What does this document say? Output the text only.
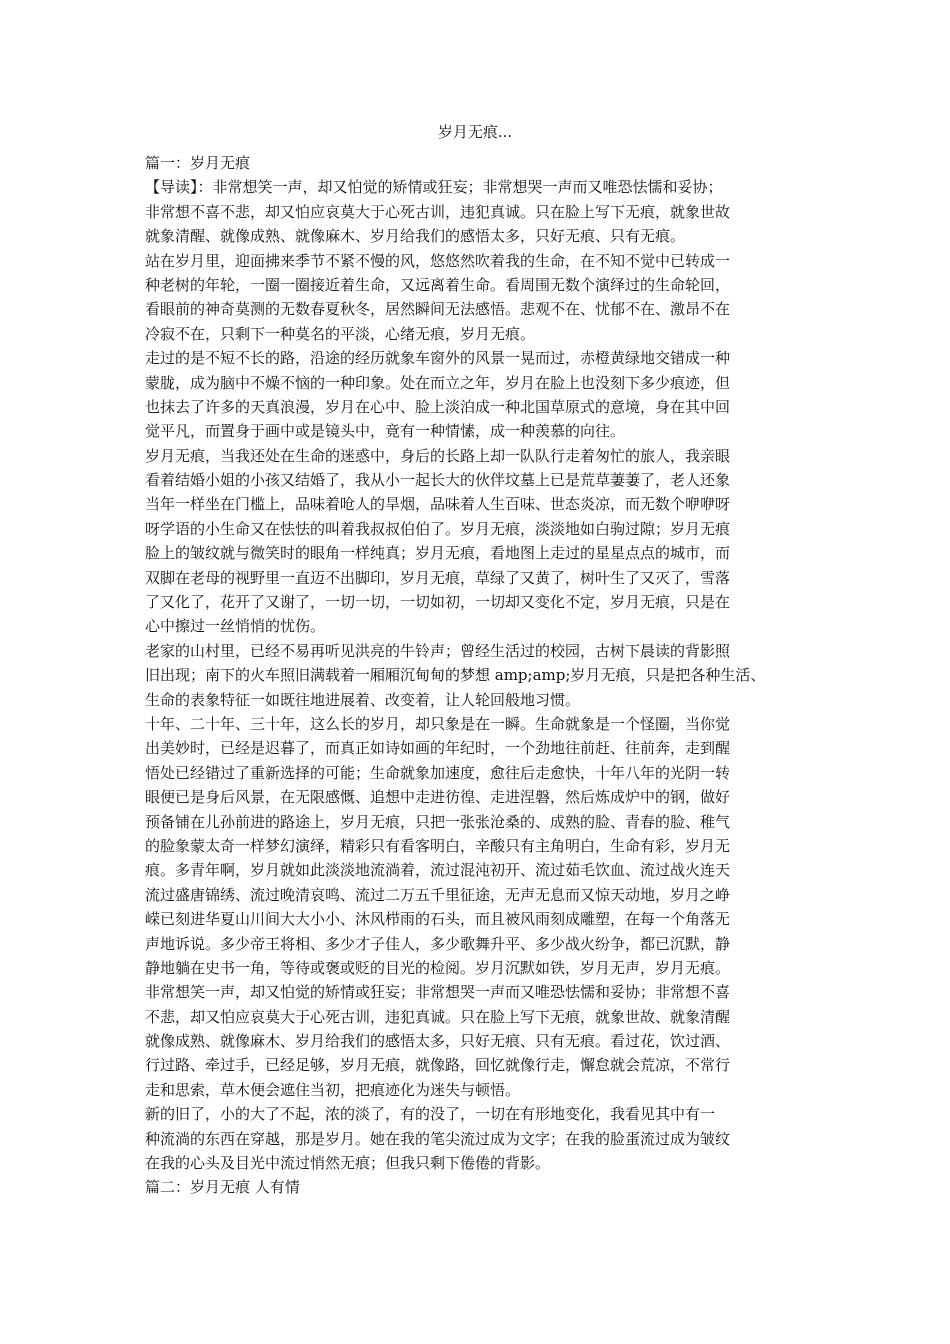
岁月无痕...
篇一：岁月无痕
【导读】：非常想笑一声，却又怕觉的矫情或狂妄；非常想哭一声而又唯恐怯懦和妥协；
非常想不喜不悲，却又怕应哀莫大于心死古训，违犯真诚。只在脸上写下无痕，就象世故
就象清醒、就像成熟、就像麻木、岁月给我们的感悟太多，只好无痕、只有无痕。
站在岁月里，迎面拂来季节不紧不慢的风，悠悠然吹着我的生命，在不知不觉中已转成一
种老树的年轮，一圈一圈接近着生命，又远离着生命。看周围无数个演绎过的生命轮回，
看眼前的神奇莫测的无数春夏秋冬，居然瞬间无法感悟。悲观不在、忧郁不在、激昂不在
冷寂不在，只剩下一种莫名的平淡，心绪无痕，岁月无痕。
走过的是不短不长的路，沿途的经历就象车窗外的风景一晃而过，赤橙黄绿地交错成一种
蒙胧，成为脑中不燥不恼的一种印象。处在而立之年，岁月在脸上也没刻下多少痕迹，但
也抹去了许多的天真浪漫，岁月在心中、脸上淡泊成一种北国草原式的意境，身在其中回
觉平凡，而置身于画中或是镜头中，竟有一种情愫，成一种羡慕的向往。
岁月无痕，当我还处在生命的迷惑中，身后的长路上却一队队行走着匆忙的旅人，我亲眼
看着结婚小姐的小孩又结婚了，我从小一起长大的伙伴坟墓上已是荒草萋萋了，老人还象
当年一样坐在门槛上，品味着呛人的旱烟，品味着人生百味、世态炎凉，而无数个咿咿呀
呀学语的小生命又在怯怯的叫着我叔叔伯伯了。岁月无痕，淡淡地如白驹过隙；岁月无痕
脸上的皱纹就与微笑时的眼角一样纯真；岁月无痕，看地图上走过的星星点点的城市，而
双脚在老母的视野里一直迈不出脚印，岁月无痕，草绿了又黄了，树叶生了又灭了，雪落
了又化了，花开了又谢了，一切一切，一切如初，一切却又变化不定，岁月无痕，只是在
心中擦过一丝悄悄的忧伤。
老家的山村里，已经不易再听见洪亮的牛铃声；曾经生活过的校园，古树下晨读的背影照
旧出现；南下的火车照旧满载着一厢厢沉甸甸的梦想 amp;amp;岁月无痕，只是把各种生活、
生命的表象特征一如既往地进展着、改变着，让人轮回般地习惯。
十年、二十年、三十年，这么长的岁月，却只象是在一瞬。生命就象是一个怪圈，当你觉
出美妙时，已经是迟暮了，而真正如诗如画的年纪时，一个劲地往前赶、往前奔，走到醒
悟处已经错过了重新选择的可能；生命就象加速度，愈往后走愈快，十年八年的光阴一转
眼便已是身后风景，在无限感慨、追想中走进彷徨、走进涅磐，然后炼成炉中的钢，做好
预备铺在儿孙前进的路途上，岁月无痕，只把一张张沧桑的、成熟的脸、青春的脸、稚气
的脸象蒙太奇一样梦幻演绎，精彩只有看客明白，辛酸只有主角明白，生命有彩，岁月无
痕。多青年啊，岁月就如此淡淡地流淌着，流过混沌初开、流过茹毛饮血、流过战火连天
流过盛唐锦绣、流过晚清哀鸣、流过二万五千里征途，无声无息而又惊天动地，岁月之峥
嵘已刻进华夏山川间大大小小、沐风栉雨的石头，而且被风雨刻成雕塑，在每一个角落无
声地诉说。多少帝王将相、多少才子佳人，多少歌舞升平、多少战火纷争，都已沉默，静
静地躺在史书一角，等待或褒或贬的目光的检阅。岁月沉默如铁，岁月无声，岁月无痕。
非常想笑一声，却又怕觉的矫情或狂妄；非常想哭一声而又唯恐怯懦和妥协；非常想不喜
不悲，却又怕应哀莫大于心死古训，违犯真诚。只在脸上写下无痕，就象世故、就象清醒
就像成熟、就像麻木、岁月给我们的感悟太多，只好无痕、只有无痕。看过花，饮过酒、
行过路、牵过手，已经足够，岁月无痕，就像路，回忆就像行走，懈怠就会荒凉，不常行
走和思索，草木便会遮住当初，把痕迹化为迷失与顿悟。
新的旧了，小的大了不起，浓的淡了，有的没了，一切在有形地变化，我看见其中有一
种流淌的东西在穿越，那是岁月。她在我的笔尖流过成为文字；在我的脸蛋流过成为皱纹
在我的心头及目光中流过悄然无痕；但我只剩下倦倦的背影。
篇二：岁月无痕 人有情
